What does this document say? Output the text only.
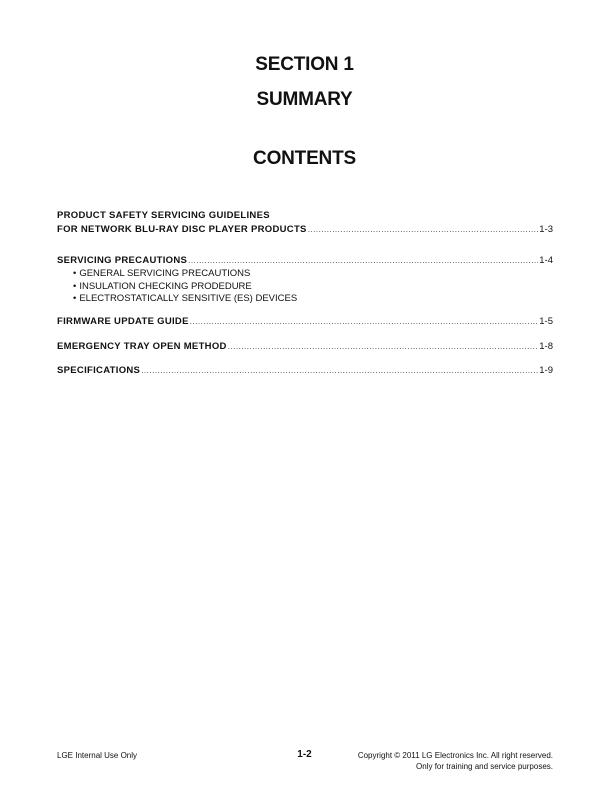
SECTION 1
SUMMARY
CONTENTS
PRODUCT SAFETY SERVICING GUIDELINES
FOR NETWORK BLU-RAY DISC PLAYER PRODUCTS .....	1-3
SERVICING PRECAUTIONS .....	1-4
• GENERAL SERVICING PRECAUTIONS
• INSULATION CHECKING PRODEDURE
• ELECTROSTATICALLY SENSITIVE (ES) DEVICES
FIRMWARE UPDATE GUIDE .....	1-5
EMERGENCY TRAY OPEN METHOD .....	1-8
SPECIFICATIONS .....	1-9
LGE Internal Use Only	1-2	Copyright © 2011 LG Electronics Inc. All right reserved.
Only for training and service purposes.
